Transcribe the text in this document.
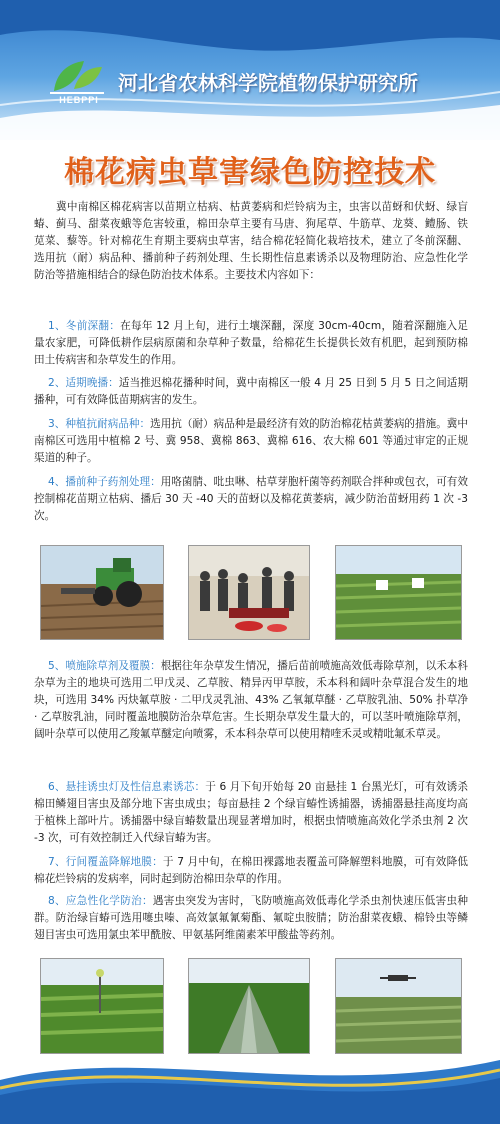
HEBPPI
河北省农林科学院植物保护研究所
棉花病虫草害绿色防控技术
冀中南棉区棉花病害以苗期立枯病、枯黄萎病和烂铃病为主，虫害以苗蚜和伏蚜、绿盲蝽、蓟马、甜菜夜蛾等危害较重，棉田杂草主要有马唐、狗尾草、牛筋草、龙葵、鳢肠、铁苋菜、藜等。针对棉花生育期主要病虫草害，结合棉花轻简化栽培技术，建立了冬前深翻、选用抗（耐）病品种、播前种子药剂处理、生长期性信息素诱杀以及物理防治、应急性化学防治等措施相结合的绿色防治技术体系。主要技术内容如下：
1、冬前深翻：在每年 12 月上旬，进行土壤深翻，深度 30cm-40cm，随着深翻施入足量农家肥，可降低耕作层病原菌和杂草种子数量，给棉花生长提供长效有机肥，起到预防棉田土传病害和杂草发生的作用。
2、适期晚播：适当推迟棉花播种时间，冀中南棉区一般 4 月 25 日到 5 月 5 日之间适期播种，可有效降低苗期病害的发生。
3、种植抗耐病品种：选用抗（耐）病品种是最经济有效的防治棉花枯黄萎病的措施。冀中南棉区可选用中植棉 2 号、冀 958、冀棉 863、冀棉 616、农大棉 601 等通过审定的正规渠道的种子。
4、播前种子药剂处理：用咯菌腈、吡虫啉、枯草芽胞杆菌等药剂联合拌种或包衣，可有效控制棉花苗期立枯病、播后 30 天 -40 天的苗蚜以及棉花黄萎病，减少防治苗蚜用药 1 次 -3 次。
5、喷施除草剂及覆膜：根据往年杂草发生情况，播后苗前喷施高效低毒除草剂，以禾本科杂草为主的地块可选用二甲戊灵、乙草胺、精异丙甲草胺，禾本科和阔叶杂草混合发生的地块，可选用 34% 丙炔氟草胺 · 二甲戊灵乳油、43% 乙氧氟草醚 · 乙草胺乳油、50% 扑草净 · 乙草胺乳油，同时覆盖地膜防治杂草危害。生长期杂草发生量大的，可以茎叶喷施除草剂，阔叶杂草可以使用乙羧氟草醚定向喷雾，禾本科杂草可以使用精喹禾灵或精吡氟禾草灵。
6、悬挂诱虫灯及性信息素诱芯：于 6 月下旬开始每 20 亩悬挂 1 台黑光灯，可有效诱杀棉田鳞翅目害虫及部分地下害虫成虫；每亩悬挂 2 个绿盲蝽性诱捕器，诱捕器悬挂高度均高于植株上部叶片。诱捕器中绿盲蝽数量出现显著增加时，根据虫情喷施高效化学杀虫剂 2 次 -3 次，可有效控制迁入代绿盲蝽为害。
7、行间覆盖降解地膜：于 7 月中旬，在棉田裸露地表覆盖可降解塑料地膜，可有效降低棉花烂铃病的发病率，同时起到防治棉田杂草的作用。
8、应急性化学防治：遇害虫突发为害时，飞防喷施高效低毒化学杀虫剂快速压低害虫种群。防治绿盲蝽可选用噻虫嗪、高效氯氟氰菊酯、氟啶虫胺腈；防治甜菜夜蛾、棉铃虫等鳞翅目害虫可选用氯虫苯甲酰胺、甲氨基阿维菌素苯甲酸盐等药剂。
